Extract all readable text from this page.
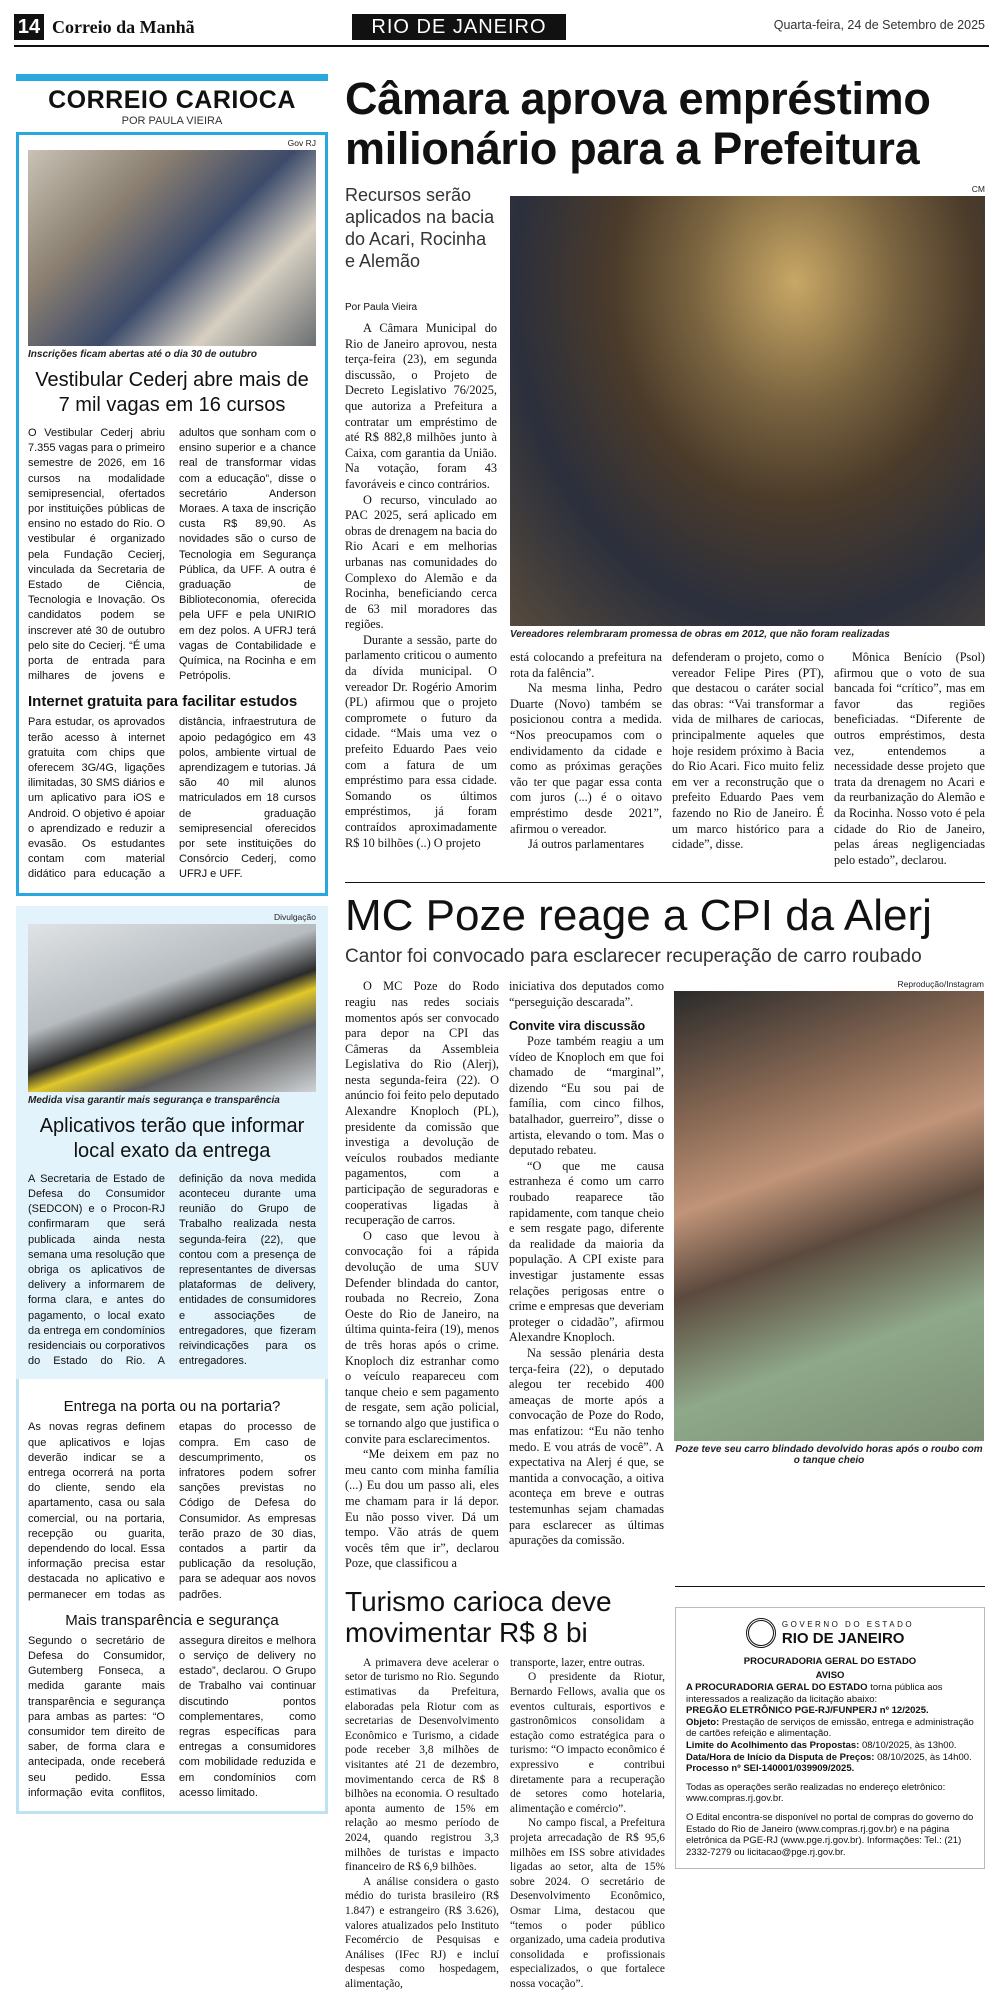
14 Correio da Manhã	RIO DE JANEIRO	Quarta-feira, 24 de Setembro de 2025
CORREIO CARIOCA
POR PAULA VIEIRA
Gov RJ
Inscrições ficam abertas até o dia 30 de outubro
Vestibular Cederj abre mais de 7 mil vagas em 16 cursos
O Vestibular Cederj abriu 7.355 vagas para o primeiro semestre de 2026, em 16 cursos na modalidade semipresencial, ofertados por instituições públicas de ensino no estado do Rio. O vestibular é organizado pela Fundação Cecierj, vinculada da Secretaria de Estado de Ciência, Tecnologia e Inovação. Os candidatos podem se inscrever até 30 de outubro pelo site do Cecierj. “É uma porta de entrada para milhares de jovens e adultos que sonham com o ensino superior e a chance real de transformar vidas com a educação”, disse o secretário Anderson Moraes. A taxa de inscrição custa R$ 89,90. As novidades são o curso de Tecnologia em Segurança Pública, da UFF. A outra é graduação de Biblioteconomia, oferecida pela UFF e pela UNIRIO em dez polos. A UFRJ terá vagas de Contabilidade e Química, na Rocinha e em Petrópolis.
Internet gratuita para facilitar estudos
Para estudar, os aprovados terão acesso à internet gratuita com chips que oferecem 3G/4G, ligações ilimitadas, 30 SMS diários e um aplicativo para iOS e Android. O objetivo é apoiar o aprendizado e reduzir a evasão. Os estudantes contam com material didático para educação a distância, infraestrutura de apoio pedagógico em 43 polos, ambiente virtual de aprendizagem e tutorias. Já são 40 mil alunos matriculados em 18 cursos de graduação semipresencial oferecidos por sete instituições do Consórcio Cederj, como UFRJ e UFF.
Divulgação
Medida visa garantir mais segurança e transparência
Aplicativos terão que informar local exato da entrega
A Secretaria de Estado de Defesa do Consumidor (SEDCON) e o Procon-RJ confirmaram que será publicada ainda nesta semana uma resolução que obriga os aplicativos de delivery a informarem de forma clara, e antes do pagamento, o local exato da entrega em condomínios residenciais ou corporativos do Estado do Rio. A definição da nova medida aconteceu durante uma reunião do Grupo de Trabalho realizada nesta segunda-feira (22), que contou com a presença de representantes de diversas plataformas de delivery, entidades de consumidores e associações de entregadores, que fizeram reivindicações para os entregadores.
Entrega na porta ou na portaria?
As novas regras definem que aplicativos e lojas deverão indicar se a entrega ocorrerá na porta do cliente, sendo ela apartamento, casa ou sala comercial, ou na portaria, recepção ou guarita, dependendo do local. Essa informação precisa estar destacada no aplicativo e permanecer em todas as etapas do processo de compra. Em caso de descumprimento, os infratores podem sofrer sanções previstas no Código de Defesa do Consumidor. As empresas terão prazo de 30 dias, contados a partir da publicação da resolução, para se adequar aos novos padrões.
Mais transparência e segurança
Segundo o secretário de Defesa do Consumidor, Gutemberg Fonseca, a medida garante mais transparência e segurança para ambas as partes: “O consumidor tem direito de saber, de forma clara e antecipada, onde receberá seu pedido. Essa informação evita conflitos, assegura direitos e melhora o serviço de delivery no estado”, declarou. O Grupo de Trabalho vai continuar discutindo pontos complementares, como regras específicas para entregas a consumidores com mobilidade reduzida e em condomínios com acesso limitado.
Câmara aprova empréstimo milionário para a Prefeitura
Recursos serão aplicados na bacia do Acari, Rocinha e Alemão
Por Paula Vieira

A Câmara Municipal do Rio de Janeiro aprovou, nesta terça-feira (23), em segunda discussão, o Projeto de Decreto Legislativo 76/2025, que autoriza a Prefeitura a contratar um empréstimo de até R$ 882,8 milhões junto à Caixa, com garantia da União. Na votação, foram 43 favoráveis e cinco contrários.

O recurso, vinculado ao PAC 2025, será aplicado em obras de drenagem na bacia do Rio Acari e em melhorias urbanas nas comunidades do Complexo do Alemão e da Rocinha, beneficiando cerca de 63 mil moradores das regiões.

Durante a sessão, parte do parlamento criticou o aumento da dívida municipal. O vereador Dr. Rogério Amorim (PL) afirmou que o projeto compromete o futuro da cidade. “Mais uma vez o prefeito Eduardo Paes veio com a fatura de um empréstimo para essa cidade. Somando os últimos empréstimos, já foram contraídos aproximadamente R$ 10 bilhões (..) O projeto

CM
Vereadores relembraram promessa de obras em 2012, que não foram realizadas

está colocando a prefeitura na rota da falência”.

Na mesma linha, Pedro Duarte (Novo) também se posicionou contra a medida. “Nos preocupamos com o endividamento da cidade e como as próximas gerações vão ter que pagar essa conta com juros (...) é o oitavo empréstimo desde 2021”, afirmou o vereador.

Já outros parlamentares

defenderam o projeto, como o vereador Felipe Pires (PT), que destacou o caráter social das obras: “Vai transformar a vida de milhares de cariocas, principalmente aqueles que hoje residem próximo à Bacia do Rio Acari. Fico muito feliz em ver a reconstrução que o prefeito Eduardo Paes vem fazendo no Rio de Janeiro. É um marco histórico para a cidade”, disse.

Mônica Benício (Psol) afirmou que o voto de sua bancada foi “crítico”, mas em favor das regiões beneficiadas. “Diferente de outros empréstimos, desta vez, entendemos a necessidade desse projeto que trata da drenagem no Acari e da reurbanização do Alemão e da Rocinha. Nosso voto é pela cidade do Rio de Janeiro, pelas áreas negligenciadas pelo estado”, declarou.

MC Poze reage a CPI da Alerj
Cantor foi convocado para esclarecer recuperação de carro roubado

O MC Poze do Rodo reagiu nas redes sociais momentos após ser convocado para depor na CPI das Câmeras da Assembleia Legislativa do Rio (Alerj), nesta segunda-feira (22). O anúncio foi feito pelo deputado Alexandre Knoploch (PL), presidente da comissão que investiga a devolução de veículos roubados mediante pagamentos, com a participação de seguradoras e cooperativas ligadas à recuperação de carros.

O caso que levou à convocação foi a rápida devolução de uma SUV Defender blindada do cantor, roubada no Recreio, Zona Oeste do Rio de Janeiro, na última quinta-feira (19), menos de três horas após o crime. Knoploch diz estranhar como o veículo reapareceu com tanque cheio e sem pagamento de resgate, sem ação policial, se tornando algo que justifica o convite para esclarecimentos.

“Me deixem em paz no meu canto com minha família (...) Eu dou um passo ali, eles me chamam para ir lá depor. Eu não posso viver. Dá um tempo. Vão atrás de quem vocês têm que ir”, declarou Poze, que classificou a

iniciativa dos deputados como “perseguição descarada”.

Convite vira discussão

Poze também reagiu a um vídeo de Knoploch em que foi chamado de “marginal”, dizendo “Eu sou pai de família, com cinco filhos, batalhador, guerreiro”, disse o artista, elevando o tom. Mas o deputado rebateu.

“O que me causa estranheza é como um carro roubado reaparece tão rapidamente, com tanque cheio e sem resgate pago, diferente da realidade da maioria da população. A CPI existe para investigar justamente essas relações perigosas entre o crime e empresas que deveriam proteger o cidadão”, afirmou Alexandre Knoploch.

Na sessão plenária desta terça-feira (22), o deputado alegou ter recebido 400 ameaças de morte após a convocação de Poze do Rodo, mas enfatizou: “Eu não tenho medo. E vou atrás de você”. A expectativa na Alerj é que, se mantida a convocação, a oitiva aconteça em breve e outras testemunhas sejam chamadas para esclarecer as últimas apurações da comissão.

Reprodução/Instagram
Poze teve seu carro blindado devolvido horas após o roubo com o tanque cheio
Turismo carioca deve movimentar R$ 8 bi

A primavera deve acelerar o setor de turismo no Rio. Segundo estimativas da Prefeitura, elaboradas pela Riotur com as secretarias de Desenvolvimento Econômico e Turismo, a cidade pode receber 3,8 milhões de visitantes até 21 de dezembro, movimentando cerca de R$ 8 bilhões na economia. O resultado aponta aumento de 15% em relação ao mesmo período de 2024, quando registrou 3,3 milhões de turistas e impacto financeiro de R$ 6,9 bilhões.

A análise considera o gasto médio do turista brasileiro (R$ 1.847) e estrangeiro (R$ 3.626), valores atualizados pelo Instituto Fecomércio de Pesquisas e Análises (IFec RJ) e incluí despesas como hospedagem, alimentação,

transporte, lazer, entre outras.

O presidente da Riotur, Bernardo Fellows, avalia que os eventos culturais, esportivos e gastronômicos consolidam a estação como estratégica para o turismo: “O impacto econômico é expressivo e contribui diretamente para a recuperação de setores como hotelaria, alimentação e comércio”.

No campo fiscal, a Prefeitura projeta arrecadação de R$ 95,6 milhões em ISS sobre atividades ligadas ao setor, alta de 15% sobre 2024. O secretário de Desenvolvimento Econômico, Osmar Lima, destacou que “temos o poder público organizado, uma cadeia produtiva consolidada e profissionais especializados, o que fortalece nossa vocação”.

GOVERNO DO ESTADO
RIO DE JANEIRO
PROCURADORIA GERAL DO ESTADO
AVISO
A PROCURADORIA GERAL DO ESTADO torna pública aos interessados a realização da licitação abaixo:
PREGÃO ELETRÔNICO PGE-RJ/FUNPERJ nº 12/2025.
Objeto: Prestação de serviços de emissão, entrega e administração de cartões refeição e alimentação.
Limite do Acolhimento das Propostas: 08/10/2025, às 13h00.
Data/Hora de Início da Disputa de Preços: 08/10/2025, às 14h00.
Processo nº SEI-140001/039909/2025.
Todas as operações serão realizadas no endereço eletrônico: www.compras.rj.gov.br.
O Edital encontra-se disponível no portal de compras do governo do Estado do Rio de Janeiro (www.compras.rj.gov.br) e na página eletrônica da PGE-RJ (www.pge.rj.gov.br). Informações: Tel.: (21) 2332-7279 ou licitacao@pge.rj.gov.br.
